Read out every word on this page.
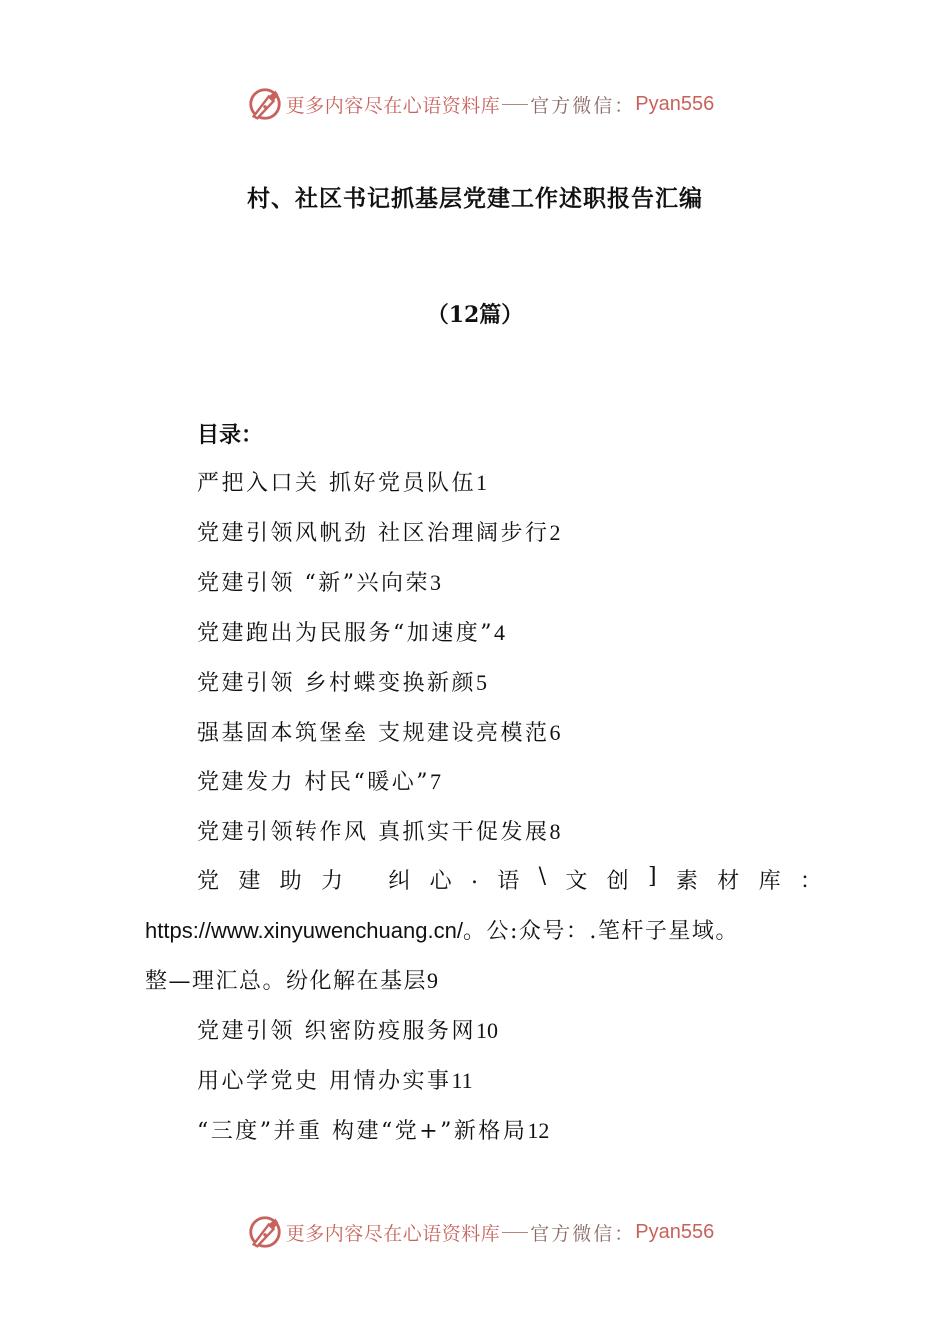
更多内容尽在心语资料库 官方微信： Pyan556
村、社区书记抓基层党建工作述职报告汇编
（12篇）
目录：
严把入口关 抓好党员队伍1
党建引领风帆劲 社区治理阔步行2
党建引领 “新”兴向荣3
党建跑出为民服务“加速度”4
党建引领 乡村蝶变换新颜5
强基固本筑堡垒 支规建设亮模范6
党建发力 村民“暖心”7
党建引领转作风 真抓实干促发展8
党 建 助 力 纠 心 . 语 \ 文 创 ] 素 材 库 ：
https://www.xinyuwenchuang.cn/。公:众号：.笔杆子星域。
整—理汇总。纷化解在基层9
党建引领 织密防疫服务网10
用心学党史 用情办实事11
“三度”并重 构建“党+”新格局12
更多内容尽在心语资料库 官方微信： Pyan556
